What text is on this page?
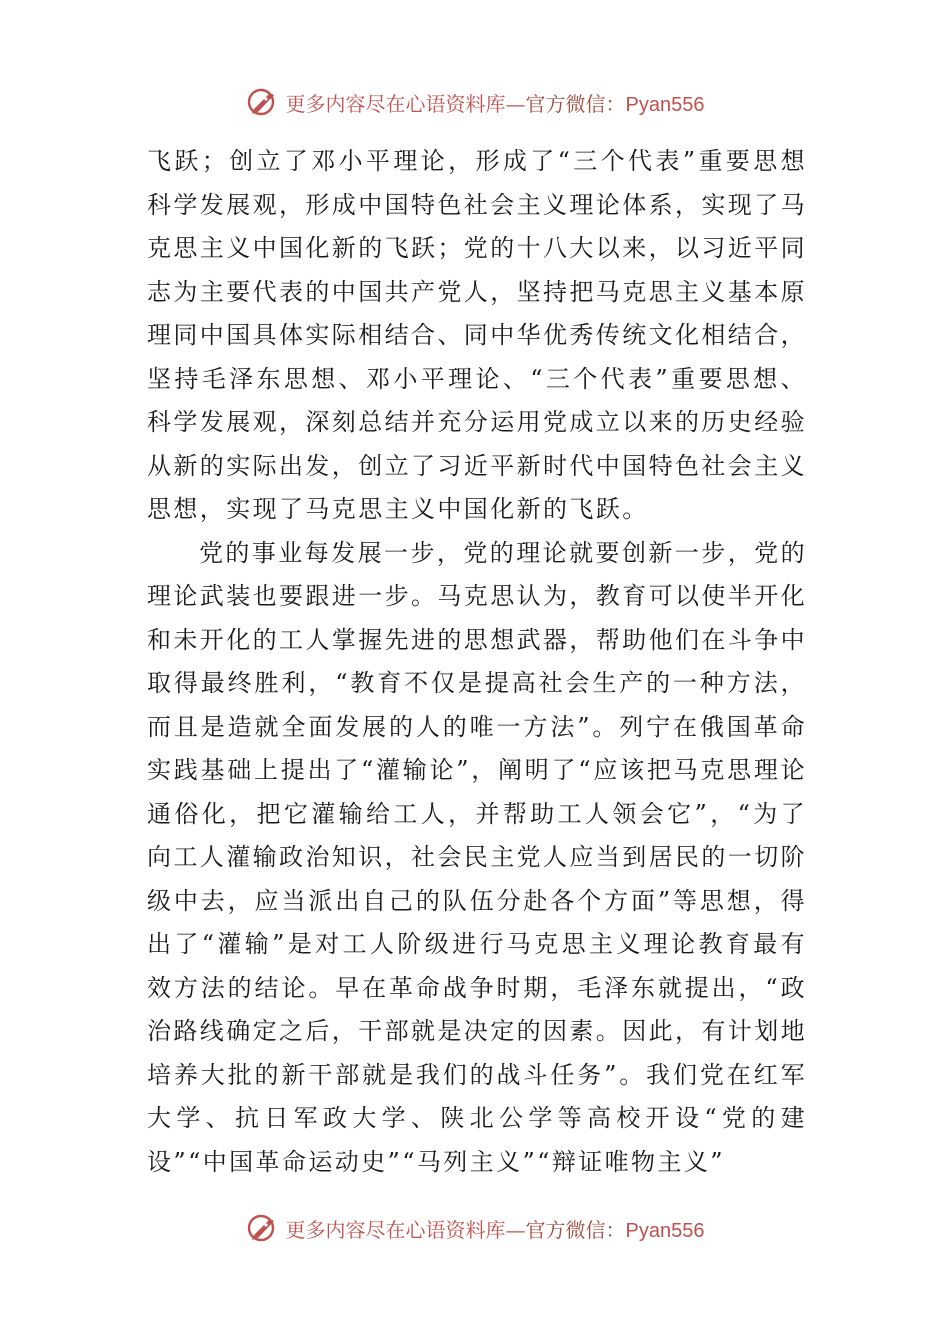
更多内容尽在心语资料库—官方微信：Pyan556

飞跃；创立了邓小平理论，形成了“三个代表”重要思想科学发展观，形成中国特色社会主义理论体系，实现了马克思主义中国化新的飞跃；党的十八大以来，以习近平同志为主要代表的中国共产党人，坚持把马克思主义基本原理同中国具体实际相结合、同中华优秀传统文化相结合，坚持毛泽东思想、邓小平理论、“三个代表”重要思想、科学发展观，深刻总结并充分运用党成立以来的历史经验从新的实际出发，创立了习近平新时代中国特色社会主义思想，实现了马克思主义中国化新的飞跃。

党的事业每发展一步，党的理论就要创新一步，党的理论武装也要跟进一步。马克思认为，教育可以使半开化和未开化的工人掌握先进的思想武器，帮助他们在斗争中取得最终胜利，“教育不仅是提高社会生产的一种方法，而且是造就全面发展的人的唯一方法”。列宁在俄国革命实践基础上提出了“灌输论”，阐明了“应该把马克思理论通俗化，把它灌输给工人，并帮助工人领会它”，“为了向工人灌输政治知识，社会民主党人应当到居民的一切阶级中去，应当派出自己的队伍分赴各个方面”等思想，得出了“灌输”是对工人阶级进行马克思主义理论教育最有效方法的结论。早在革命战争时期，毛泽东就提出，“政治路线确定之后，干部就是决定的因素。因此，有计划地培养大批的新干部就是我们的战斗任务”。我们党在红军大学、抗日军政大学、陕北公学等高校开设“党的建设”“中国革命运动史”“马列主义”“辩证唯物主义”

更多内容尽在心语资料库—官方微信：Pyan556
